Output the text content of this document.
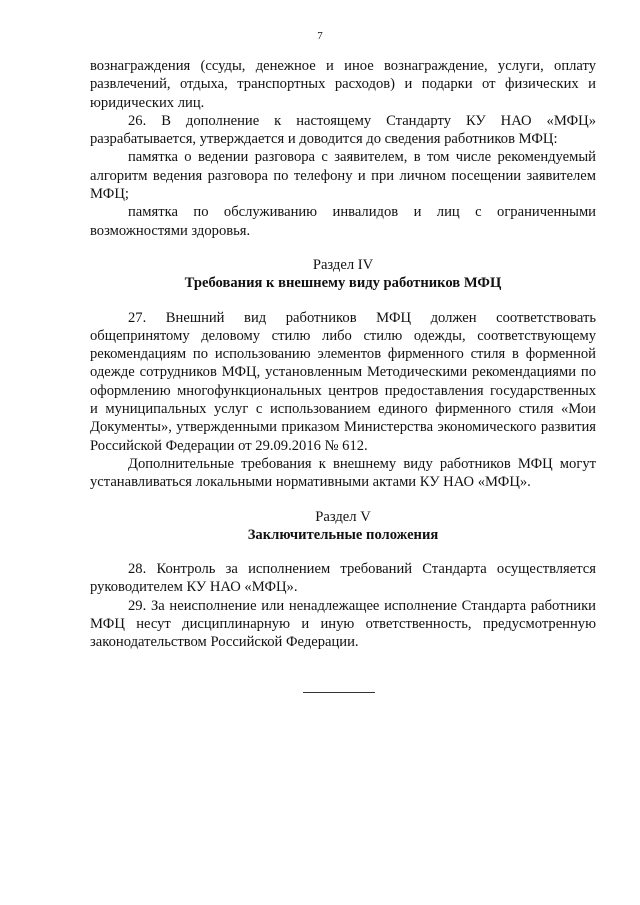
7

вознаграждения (ссуды, денежное и иное вознаграждение, услуги, оплату развлечений, отдыха, транспортных расходов) и подарки от физических и юридических лиц.

26. В дополнение к настоящему Стандарту КУ НАО «МФЦ» разрабатывается, утверждается и доводится до сведения работников МФЦ:

памятка о ведении разговора с заявителем, в том числе рекомендуемый алгоритм ведения разговора по телефону и при личном посещении заявителем МФЦ;

памятка по обслуживанию инвалидов и лиц с ограниченными возможностями здоровья.

Раздел IV

Требования к внешнему виду работников МФЦ

27. Внешний вид работников МФЦ должен соответствовать общепринятому деловому стилю либо стилю одежды, соответствующему рекомендациям по использованию элементов фирменного стиля в форменной одежде сотрудников МФЦ, установленным Методическими рекомендациями по оформлению многофункциональных центров предоставления государственных и муниципальных услуг с использованием единого фирменного стиля «Мои Документы», утвержденными приказом Министерства экономического развития Российской Федерации от 29.09.2016 № 612.

Дополнительные требования к внешнему виду работников МФЦ могут устанавливаться локальными нормативными актами КУ НАО «МФЦ».

Раздел V

Заключительные положения

28. Контроль за исполнением требований Стандарта осуществляется руководителем КУ НАО «МФЦ».

29. За неисполнение или ненадлежащее исполнение Стандарта работники МФЦ несут дисциплинарную и иную ответственность, предусмотренную законодательством Российской Федерации.
